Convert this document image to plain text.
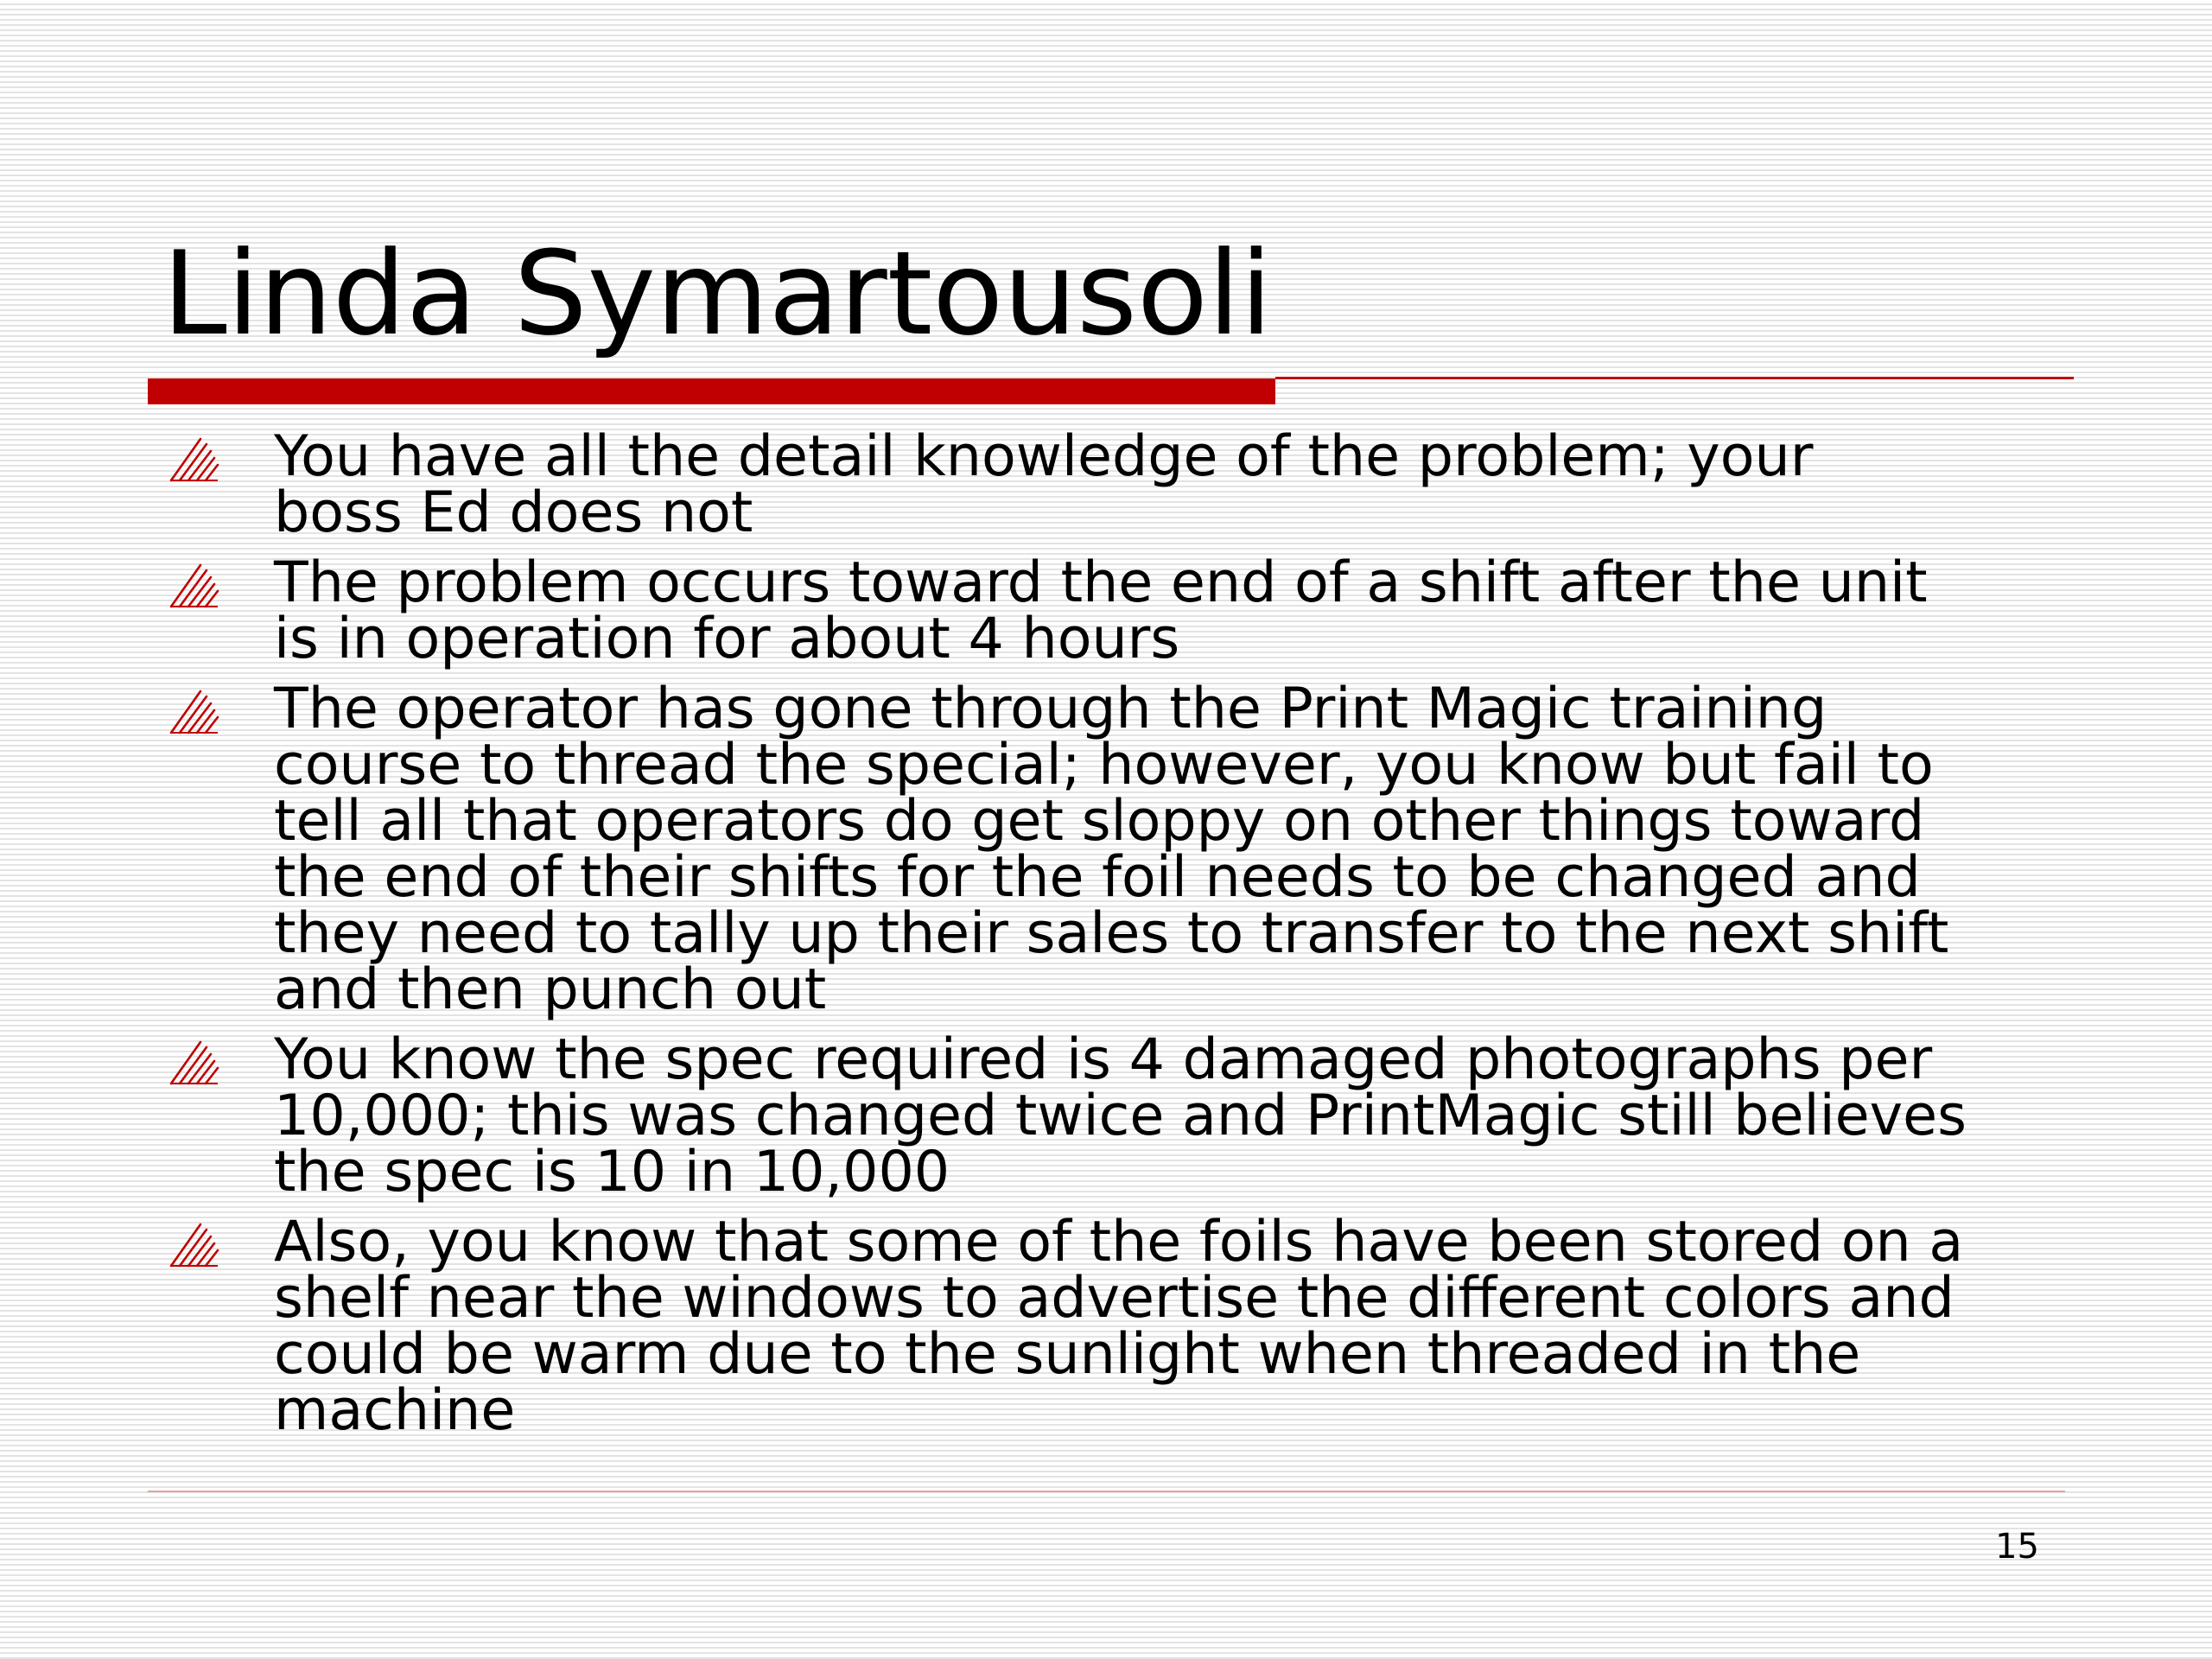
Linda Symartousoli
You have all the detail knowledge of the problem; your
boss Ed does not
The problem occurs toward the end of a shift after the unit
is in operation for about 4 hours
The operator has gone through the Print Magic training
course to thread the special; however, you know but fail to
tell all that operators do get sloppy on other things toward
the end of their shifts for the foil needs to be changed and
they need to tally up their sales to transfer to the next shift
and then punch out
You know the spec required is 4 damaged photographs per
10,000; this was changed twice and PrintMagic still believes
the spec is 10 in 10,000
Also, you know that some of the foils have been stored on a
shelf near the windows to advertise the different colors and
could be warm due to the sunlight when threaded in the
machine
15
